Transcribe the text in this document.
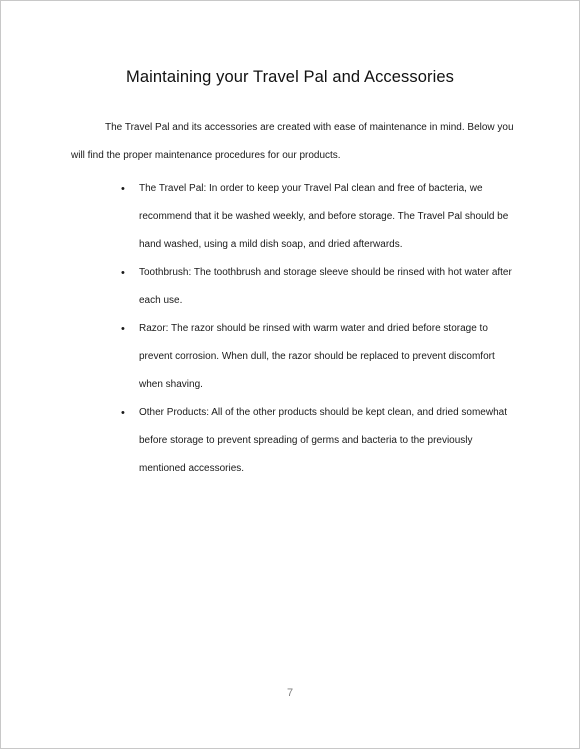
Maintaining your Travel Pal and Accessories

The Travel Pal and its accessories are created with ease of maintenance in mind. Below you will find the proper maintenance procedures for our products.

• The Travel Pal: In order to keep your Travel Pal clean and free of bacteria, we recommend that it be washed weekly, and before storage. The Travel Pal should be hand washed, using a mild dish soap, and dried afterwards.
• Toothbrush: The toothbrush and storage sleeve should be rinsed with hot water after each use.
• Razor: The razor should be rinsed with warm water and dried before storage to prevent corrosion. When dull, the razor should be replaced to prevent discomfort when shaving.
• Other Products: All of the other products should be kept clean, and dried somewhat before storage to prevent spreading of germs and bacteria to the previously mentioned accessories.
7
